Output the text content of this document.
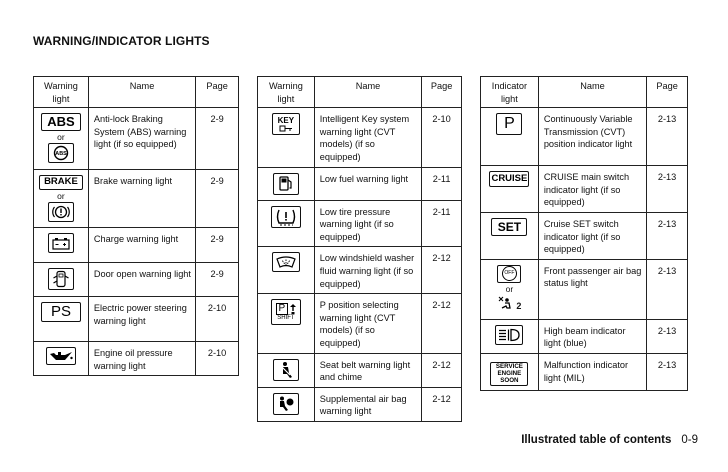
WARNING/INDICATOR LIGHTS
Warning light	Name	Page
ABS
or
ABS	Anti-lock Braking System (ABS) warning light (if so equipped)	2-9
BRAKE
or	Brake warning light	2-9

	Charge warning light	2-9

	Door open warning light	2-9
PS	Electric power steering warning light	2-10

	Engine oil pressure warning light	2-10
Warning light	Name	Page

KEY	Intelligent Key system warning light (CVT models) (if so equipped)	2-10

	Low fuel warning light	2-11

	Low tire pressure warning light (if so equipped)	2-11

	Low windshield washer fluid warning light (if so equipped)	2-12

P
SHIFT	P position selecting warning light (CVT models) (if so equipped)	2-12

	Seat belt warning light and chime	2-12

	Supplemental air bag warning light	2-12
Indicator light	Name	Page
P	Continuously Variable Transmission (CVT) position indicator light	2-13
CRUISE	CRUISE main switch indicator light (if so equipped)	2-13
SET	Cruise SET switch indicator light (if so equipped)	2-13

OFF
or
2	Front passenger air bag status light	2-13

	High beam indicator light (blue)	2-13

SERVICE
ENGINE
SOON	Malfunction indicator light (MIL)	2-13
Illustrated table of contents 0-9
